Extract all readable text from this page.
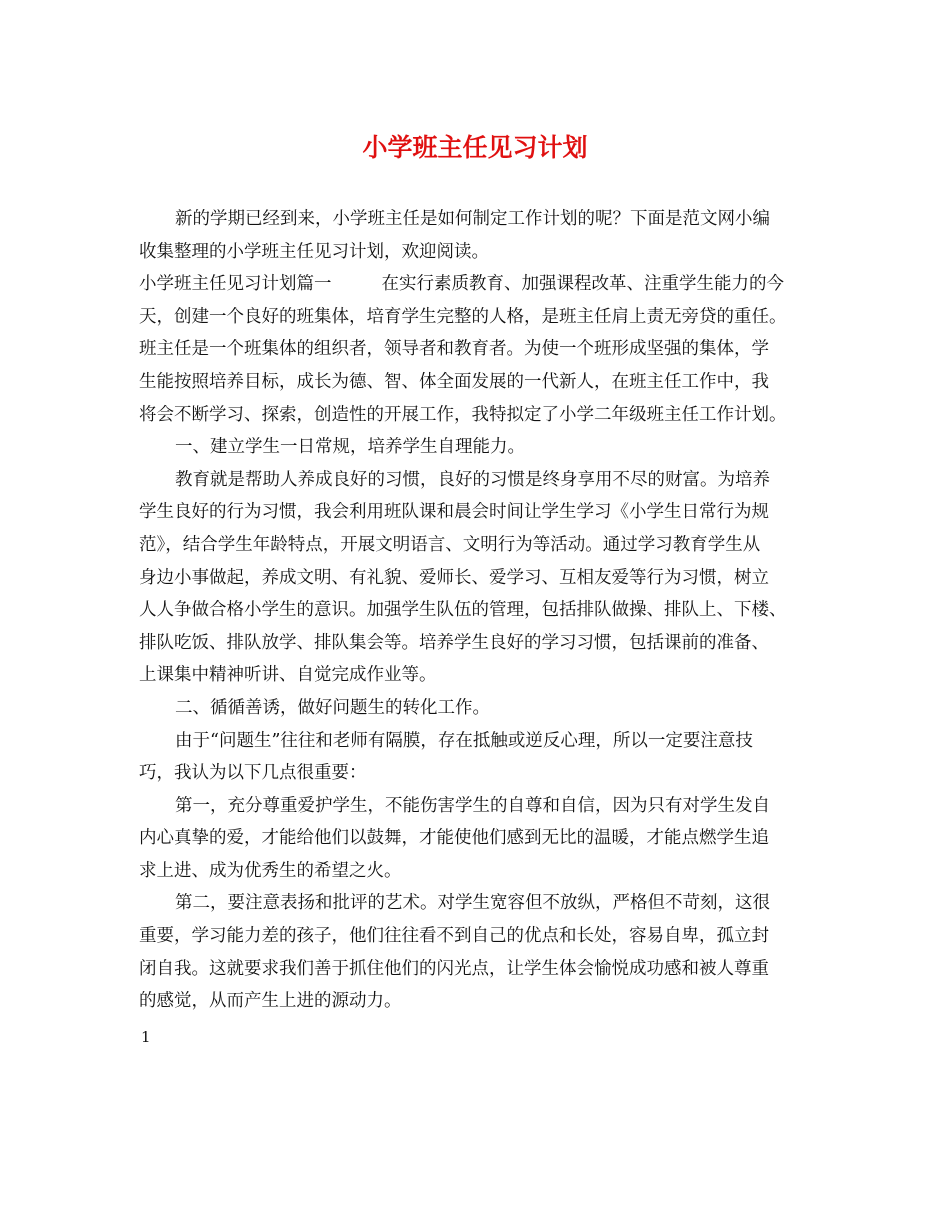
小学班主任见习计划

新的学期已经到来，小学班主任是如何制定工作计划的呢？下面是范文网小编

收集整理的小学班主任见习计划，欢迎阅读。

小学班主任见习计划篇一	在实行素质教育、加强课程改革、注重学生能力的今

天，创建一个良好的班集体，培育学生完整的人格，是班主任肩上责无旁贷的重任。

班主任是一个班集体的组织者，领导者和教育者。为使一个班形成坚强的集体，学

生能按照培养目标，成长为德、智、体全面发展的一代新人，在班主任工作中，我

将会不断学习、探索，创造性的开展工作，我特拟定了小学二年级班主任工作计划。

一、建立学生一日常规，培养学生自理能力。

教育就是帮助人养成良好的习惯，良好的习惯是终身享用不尽的财富。为培养

学生良好的行为习惯，我会利用班队课和晨会时间让学生学习《小学生日常行为规

范》，结合学生年龄特点，开展文明语言、文明行为等活动。通过学习教育学生从

身边小事做起，养成文明、有礼貌、爱师长、爱学习、互相友爱等行为习惯，树立

人人争做合格小学生的意识。加强学生队伍的管理，包括排队做操、排队上、下楼、

排队吃饭、排队放学、排队集会等。培养学生良好的学习习惯，包括课前的准备、

上课集中精神听讲、自觉完成作业等。

二、循循善诱，做好问题生的转化工作。

由于“问题生”往往和老师有隔膜，存在抵触或逆反心理，所以一定要注意技

巧，我认为以下几点很重要：

第一，充分尊重爱护学生，不能伤害学生的自尊和自信，因为只有对学生发自

内心真挚的爱，才能给他们以鼓舞，才能使他们感到无比的温暖，才能点燃学生追

求上进、成为优秀生的希望之火。

第二，要注意表扬和批评的艺术。对学生宽容但不放纵，严格但不苛刻，这很

重要，学习能力差的孩子，他们往往看不到自己的优点和长处，容易自卑，孤立封

闭自我。这就要求我们善于抓住他们的闪光点，让学生体会愉悦成功感和被人尊重

的感觉，从而产生上进的源动力。

1
